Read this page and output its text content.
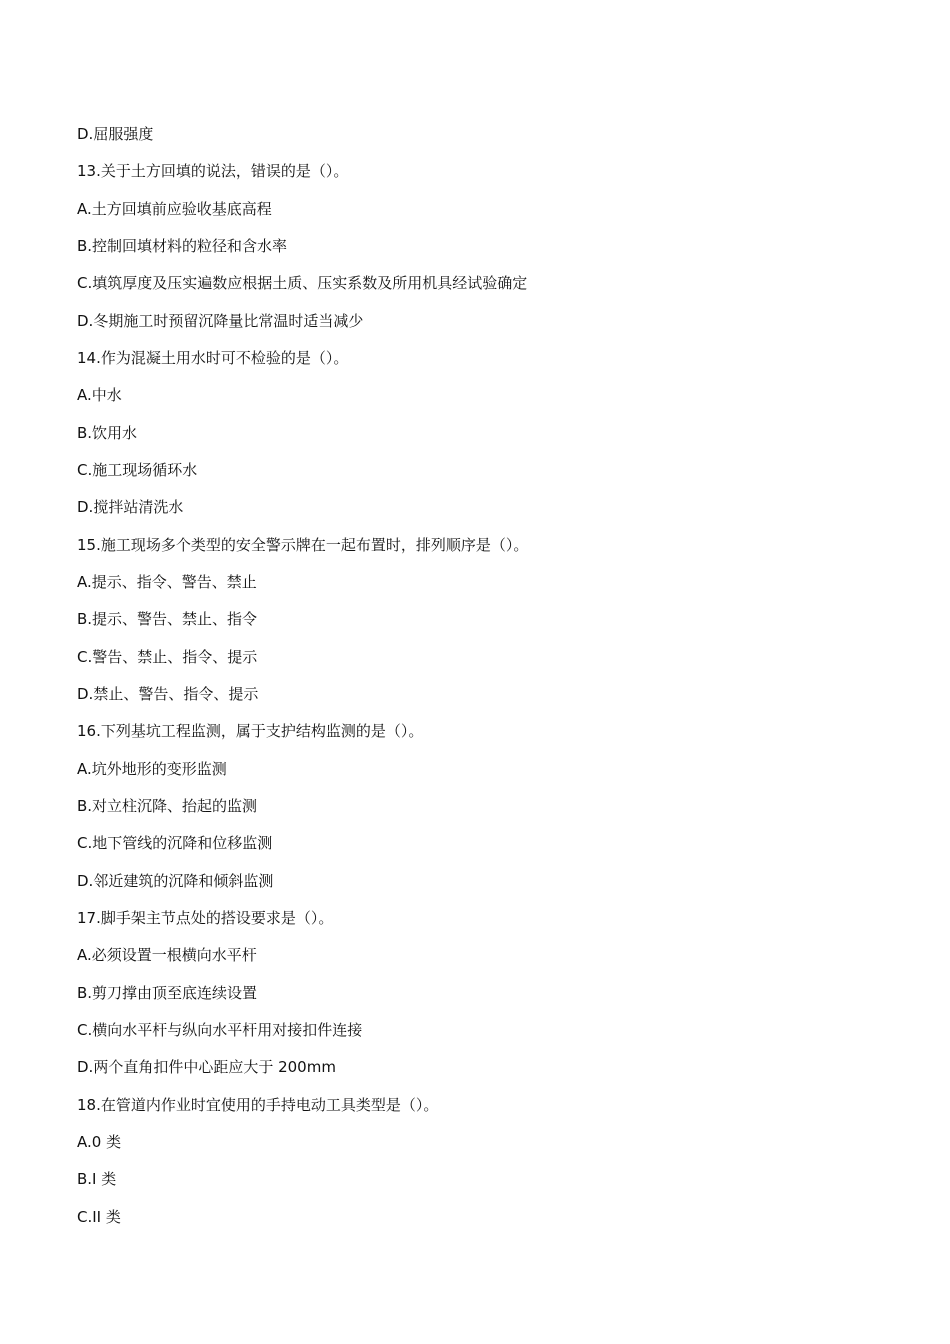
D.屈服强度
13.关于土方回填的说法，错误的是（）。
A.土方回填前应验收基底高程
B.控制回填材料的粒径和含水率
C.填筑厚度及压实遍数应根据土质、压实系数及所用机具经试验确定
D.冬期施工时预留沉降量比常温时适当减少
14.作为混凝土用水时可不检验的是（）。
A.中水
B.饮用水
C.施工现场循环水
D.搅拌站清洗水
15.施工现场多个类型的安全警示牌在一起布置时，排列顺序是（）。
A.提示、指令、警告、禁止
B.提示、警告、禁止、指令
C.警告、禁止、指令、提示
D.禁止、警告、指令、提示
16.下列基坑工程监测，属于支护结构监测的是（）。
A.坑外地形的变形监测
B.对立柱沉降、抬起的监测
C.地下管线的沉降和位移监测
D.邻近建筑的沉降和倾斜监测
17.脚手架主节点处的搭设要求是（）。
A.必须设置一根横向水平杆
B.剪刀撑由顶至底连续设置
C.横向水平杆与纵向水平杆用对接扣件连接
D.两个直角扣件中心距应大于 200mm
18.在管道内作业时宜使用的手持电动工具类型是（）。
A.0 类
B.I 类
C.II 类
